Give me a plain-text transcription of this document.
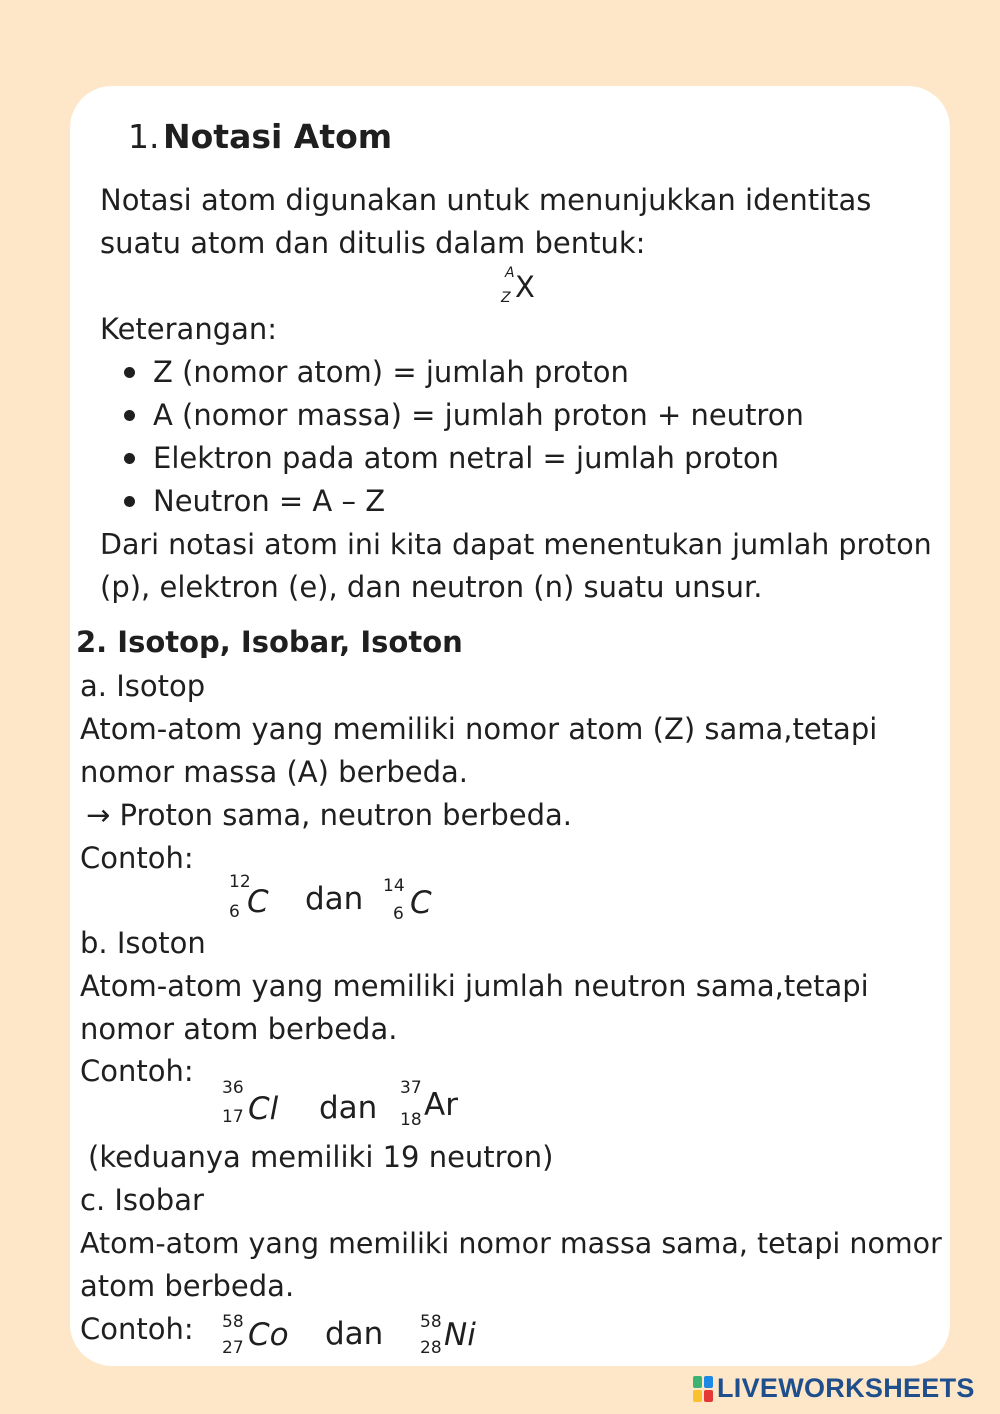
1. Notasi Atom
Notasi atom digunakan untuk menunjukkan identitas
suatu atom dan ditulis dalam bentuk:
A
Z X
Keterangan:
Z (nomor atom) = jumlah proton
A (nomor massa) = jumlah proton + neutron
Elektron pada atom netral = jumlah proton
Neutron = A – Z
Dari notasi atom ini kita dapat menentukan jumlah proton
(p), elektron (e), dan neutron (n) suatu unsur.
2. Isotop, Isobar, Isoton
a. Isotop
Atom-atom yang memiliki nomor atom (Z) sama,tetapi
nomor massa (A) berbeda.
→ Proton sama, neutron berbeda.
Contoh:
12
6 C dan 14
6 C
b. Isoton
Atom-atom yang memiliki jumlah neutron sama,tetapi
nomor atom berbeda.
Contoh: 36
17 Cl dan
37
18 Ar
(keduanya memiliki 19 neutron)
c. Isobar
Atom-atom yang memiliki nomor massa sama, tetapi nomor
atom berbeda.
Contoh: 58
27 Co dan 58
28 Ni
LIVEWORKSHEETS
